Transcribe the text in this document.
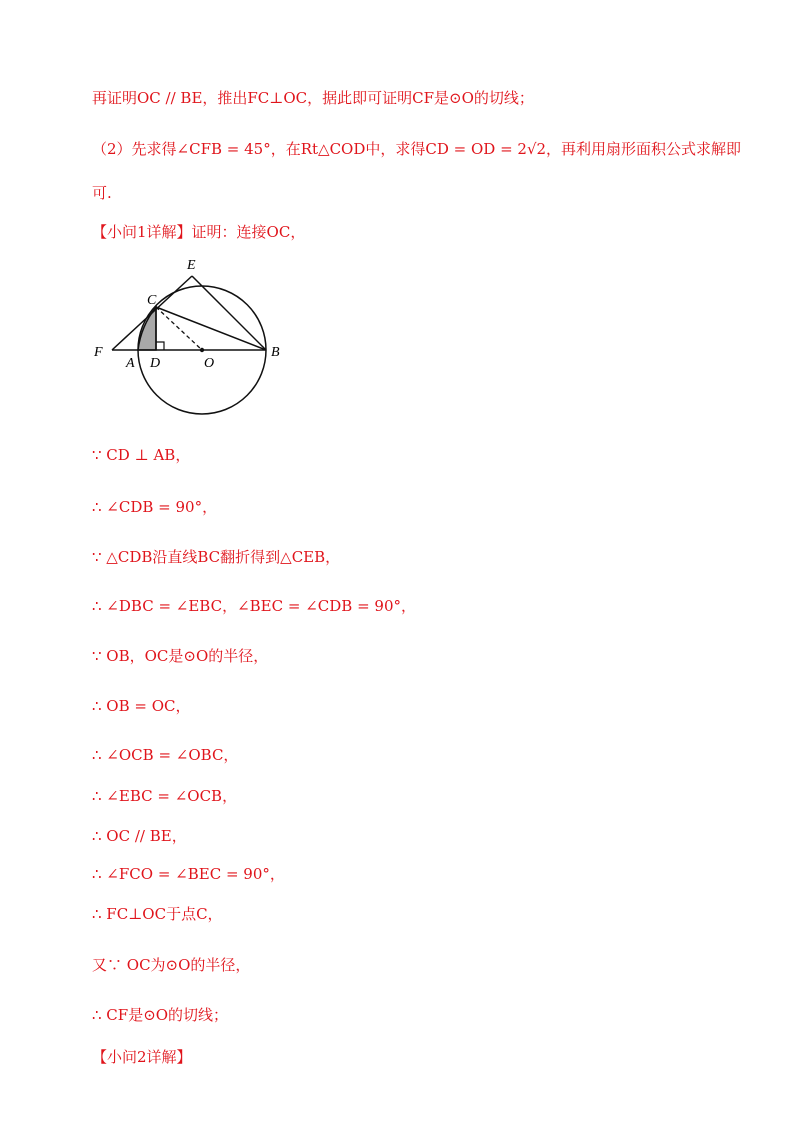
再证明OC // BE，推出FC⊥OC，据此即可证明CF是⊙O的切线；
（2）先求得∠CFB = 45°，在Rt△COD中，求得CD = OD = 2√2，再利用扇形面积公式求解即
可.
【小问1详解】证明：连接OC，
E
C
F
A D	O
B
∵ CD ⊥ AB，
∴ ∠CDB = 90°，
∵ △CDB沿直线BC翻折得到△CEB，
∴ ∠DBC = ∠EBC，∠BEC = ∠CDB = 90°，
∵ OB，OC是⊙O的半径，
∴ OB = OC，
∴ ∠OCB = ∠OBC，
∴ ∠EBC = ∠OCB，
∴ OC // BE，
∴ ∠FCO = ∠BEC = 90°，
∴ FC⊥OC于点C，
又∵ OC为⊙O的半径，
∴ CF是⊙O的切线；
【小问2详解】
